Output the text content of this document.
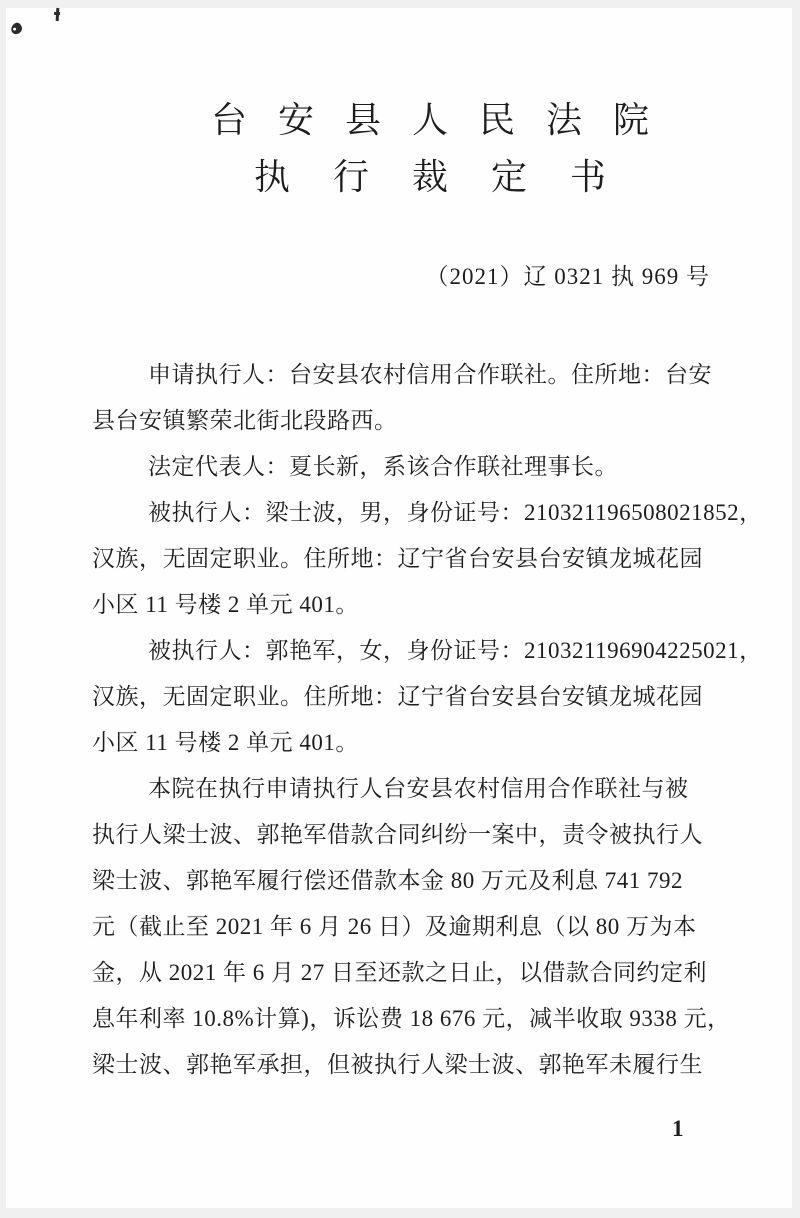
台 安 县 人 民 法 院
执 行 裁 定 书
（2021）辽 0321 执 969 号
申请执行人：台安县农村信用合作联社。住所地：台安
县台安镇繁荣北街北段路西。
法定代表人：夏长新，系该合作联社理事长。
被执行人：梁士波，男，身份证号：210321196508021852，
汉族，无固定职业。住所地：辽宁省台安县台安镇龙城花园
小区 11 号楼 2 单元 401。
被执行人：郭艳军，女，身份证号：210321196904225021，
汉族，无固定职业。住所地：辽宁省台安县台安镇龙城花园
小区 11 号楼 2 单元 401。
本院在执行申请执行人台安县农村信用合作联社与被
执行人梁士波、郭艳军借款合同纠纷一案中，责令被执行人
梁士波、郭艳军履行偿还借款本金 80 万元及利息 741 792
元（截止至 2021 年 6 月 26 日）及逾期利息（以 80 万为本
金，从 2021 年 6 月 27 日至还款之日止，以借款合同约定利
息年利率 10.8%计算)，诉讼费 18 676 元，减半收取 9338 元，
梁士波、郭艳军承担，但被执行人梁士波、郭艳军未履行生
1
